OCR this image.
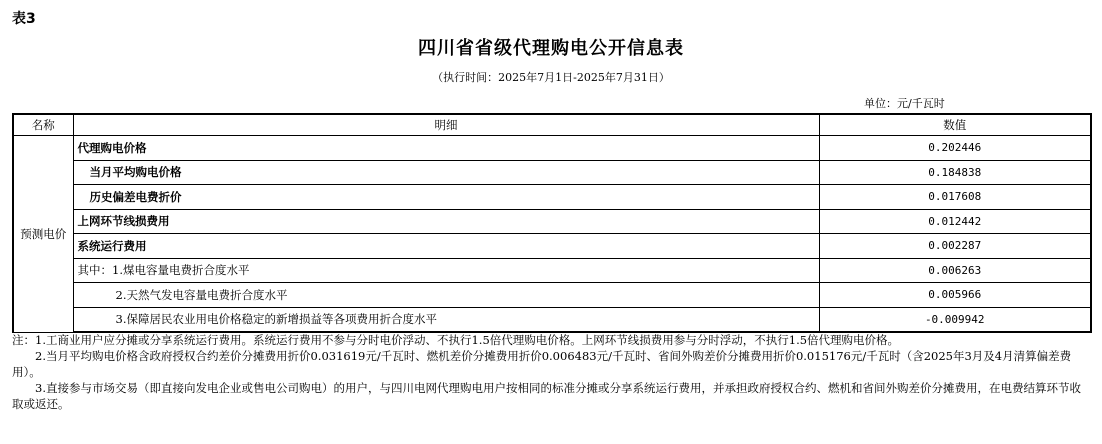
表3
四川省省级代理购电公开信息表
（执行时间：2025年7月1日-2025年7月31日）
单位：元/千瓦时
名称	明细	数值
预测电价	代理购电价格	0.202446
	当月平均购电价格	0.184838
	历史偏差电费折价	0.017608
	上网环节线损费用	0.012442
	系统运行费用	0.002287
	其中：1.煤电容量电费折合度水平	0.006263
	2.天然气发电容量电费折合度水平	0.005966
	3.保障居民农业用电价格稳定的新增损益等各项费用折合度水平	-0.009942

注：1.工商业用户应分摊或分享系统运行费用。系统运行费用不参与分时电价浮动、不执行1.5倍代理购电价格。上网环节线损费用参与分时浮动，不执行1.5倍代理购电价格。

2.当月平均购电价格含政府授权合约差价分摊费用折价0.031619元/千瓦时、燃机差价分摊费用折价0.006483元/千瓦时、省间外购差价分摊费用折价0.015176元/千瓦时（含2025年3月及4月清算偏差费用）。

3.直接参与市场交易（即直接向发电企业或售电公司购电）的用户，与四川电网代理购电用户按相同的标准分摊或分享系统运行费用，并承担政府授权合约、燃机和省间外购差价分摊费用，在电费结算环节收取或返还。
